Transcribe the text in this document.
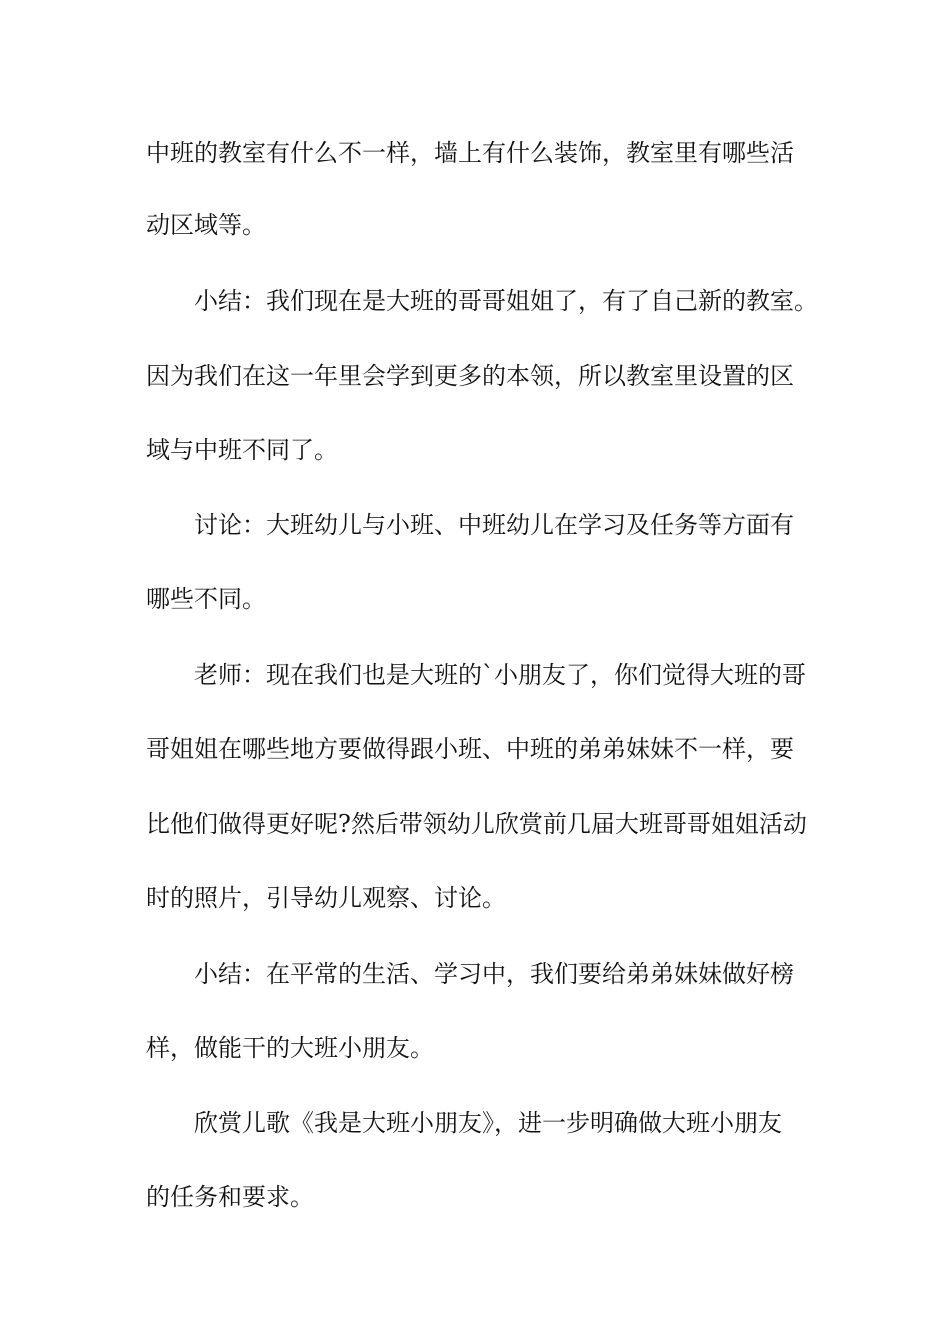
中班的教室有什么不一样，墙上有什么装饰，教室里有哪些活
动区域等。
小结：我们现在是大班的哥哥姐姐了，有了自己新的教室。
因为我们在这一年里会学到更多的本领，所以教室里设置的区
域与中班不同了。
讨论：大班幼儿与小班、中班幼儿在学习及任务等方面有
哪些不同。
老师：现在我们也是大班的`小朋友了，你们觉得大班的哥
哥姐姐在哪些地方要做得跟小班、中班的弟弟妹妹不一样，要
比他们做得更好呢?然后带领幼儿欣赏前几届大班哥哥姐姐活动
时的照片，引导幼儿观察、讨论。
小结：在平常的生活、学习中，我们要给弟弟妹妹做好榜
样，做能干的大班小朋友。
欣赏儿歌《我是大班小朋友》，进一步明确做大班小朋友
的任务和要求。
